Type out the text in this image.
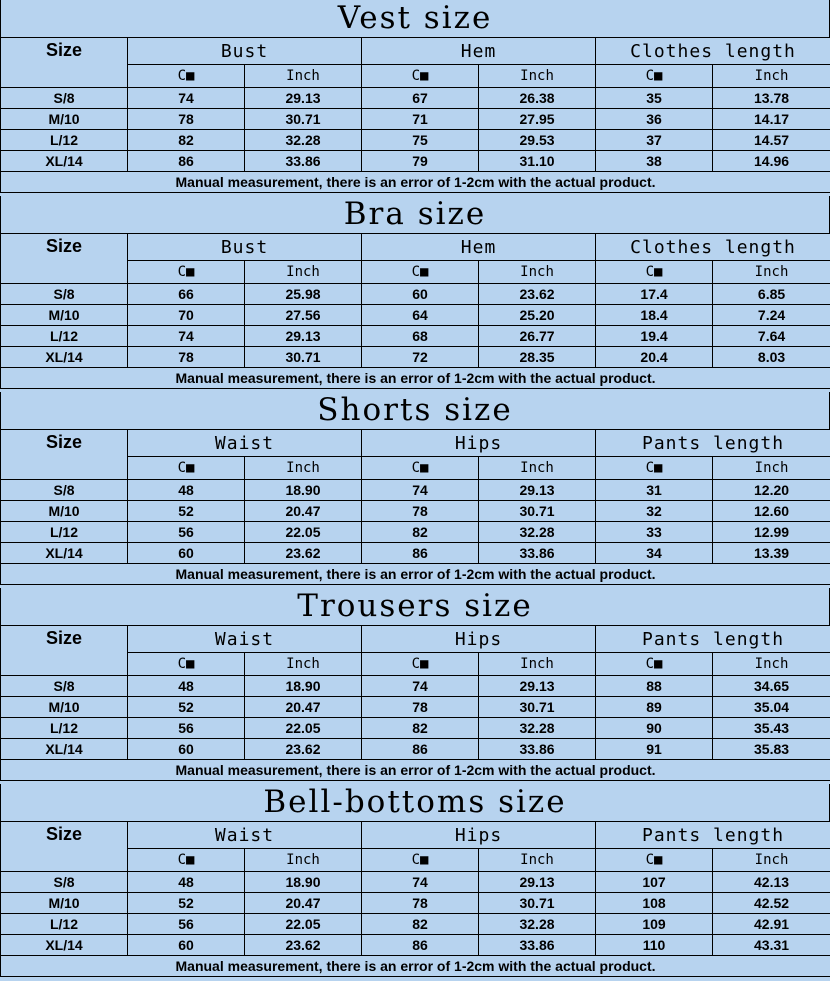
Vest size
Size	Bust		Hem		Clothes length	
	C■	Inch	C■	Inch	C■	Inch
S/8	74	29.13	67	26.38	35	13.78
M/10	78	30.71	71	27.95	36	14.17
L/12	82	32.28	75	29.53	37	14.57
XL/14	86	33.86	79	31.10	38	14.96
Manual measurement, there is an error of 1-2cm with the actual product.						
Bra size
Size	Bust		Hem		Clothes length	
	C■	Inch	C■	Inch	C■	Inch
S/8	66	25.98	60	23.62	17.4	6.85
M/10	70	27.56	64	25.20	18.4	7.24
L/12	74	29.13	68	26.77	19.4	7.64
XL/14	78	30.71	72	28.35	20.4	8.03
Manual measurement, there is an error of 1-2cm with the actual product.						
Shorts size
Size	Waist		Hips		Pants length	
	C■	Inch	C■	Inch	C■	Inch
S/8	48	18.90	74	29.13	31	12.20
M/10	52	20.47	78	30.71	32	12.60
L/12	56	22.05	82	32.28	33	12.99
XL/14	60	23.62	86	33.86	34	13.39
Manual measurement, there is an error of 1-2cm with the actual product.						
Trousers size
Size	Waist		Hips		Pants length	
	C■	Inch	C■	Inch	C■	Inch
S/8	48	18.90	74	29.13	88	34.65
M/10	52	20.47	78	30.71	89	35.04
L/12	56	22.05	82	32.28	90	35.43
XL/14	60	23.62	86	33.86	91	35.83
Manual measurement, there is an error of 1-2cm with the actual product.						
Bell-bottoms size
Size	Waist		Hips		Pants length	
	C■	Inch	C■	Inch	C■	Inch
S/8	48	18.90	74	29.13	107	42.13
M/10	52	20.47	78	30.71	108	42.52
L/12	56	22.05	82	32.28	109	42.91
XL/14	60	23.62	86	33.86	110	43.31
Manual measurement, there is an error of 1-2cm with the actual product.						
